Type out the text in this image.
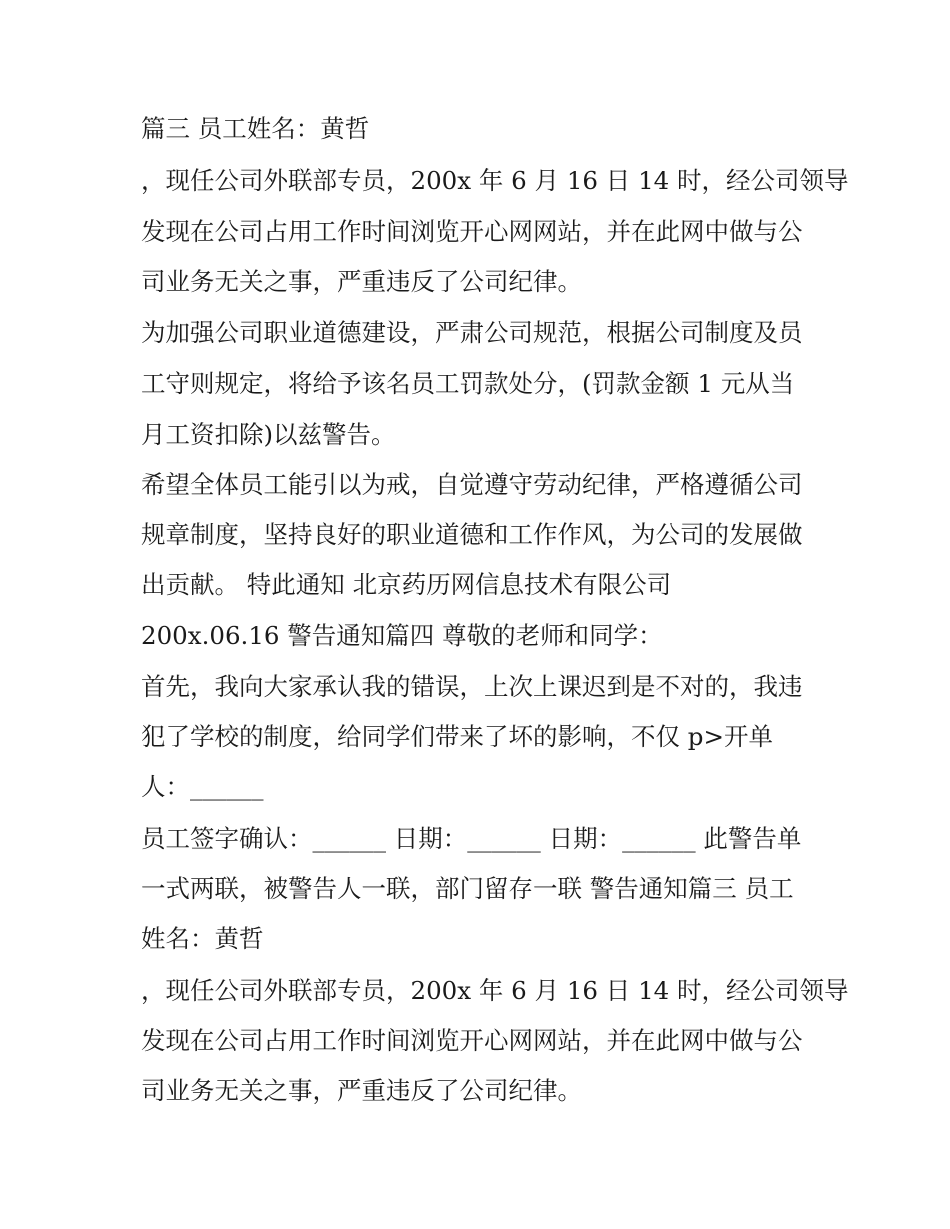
篇三 员工姓名：黄哲
，现任公司外联部专员，200x 年 6 月 16 日 14 时，经公司领导
发现在公司占用工作时间浏览开心网网站，并在此网中做与公
司业务无关之事，严重违反了公司纪律。
为加强公司职业道德建设，严肃公司规范，根据公司制度及员
工守则规定，将给予该名员工罚款处分，(罚款金额 1 元从当
月工资扣除)以兹警告。
希望全体员工能引以为戒，自觉遵守劳动纪律，严格遵循公司
规章制度，坚持良好的职业道德和工作作风，为公司的发展做
出贡献。 特此通知 北京药历网信息技术有限公司
200x.06.16 警告通知篇四 尊敬的老师和同学：
首先，我向大家承认我的错误，上次上课迟到是不对的，我违
犯了学校的制度，给同学们带来了坏的影响，不仅 p>开单
人：______
员工签字确认：______ 日期：______ 日期：______ 此警告单
一式两联，被警告人一联，部门留存一联 警告通知篇三 员工
姓名：黄哲
，现任公司外联部专员，200x 年 6 月 16 日 14 时，经公司领导
发现在公司占用工作时间浏览开心网网站，并在此网中做与公
司业务无关之事，严重违反了公司纪律。
